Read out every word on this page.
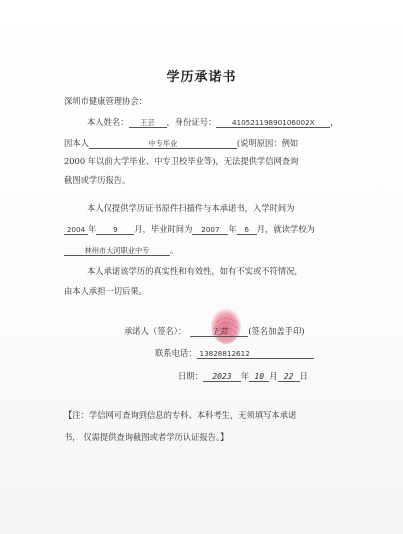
学历承诺书
深圳市健康管理协会：
本人姓名： 王芸 ，身份证号： 41052119890106002X ，
因本人	中专毕业	(说明原因：例如
2000 年以前大学毕业、中专卫校毕业等)，无法提供学信网查询
截图或学历报告。
本人仅提供学历证书原件扫描件与本承诺书，入学时间为
2004 年 9 月，毕业时间为 2007 年 6 月，就读学校为
林州市大河职业中专 。
本人承诺该学历的真实性和有效性，如有不实或不符情况，
由本人承担一切后果。
承诺人（签名）：	王芸	(签名加盖手印)
联系电话： 13828812612
日期： 2023 年 10 月 22 日
【注：学信网可查询到信息的专科、本科考生，无须填写本承诺
书， 仅需提供查询截图或者学历认证报告。】
